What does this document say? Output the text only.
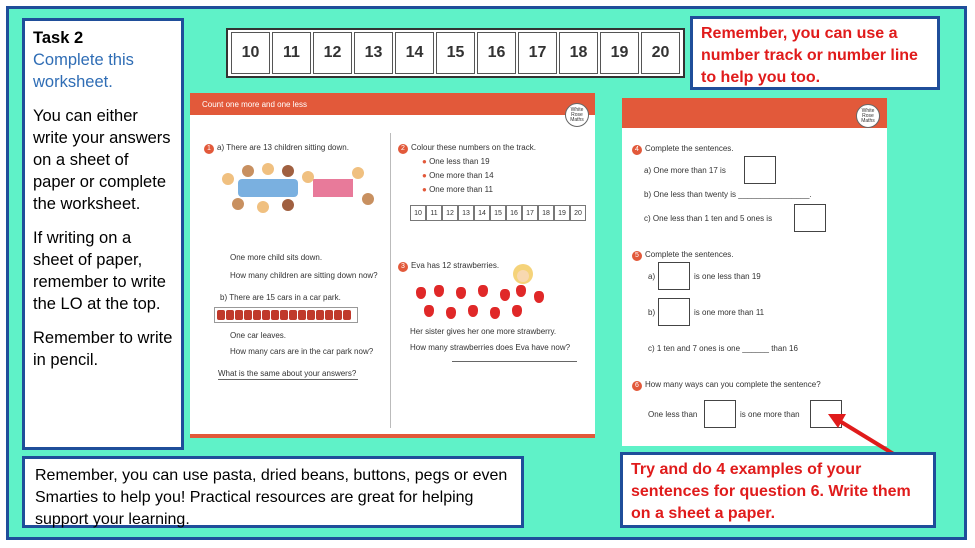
Task 2

Complete this worksheet.

You can either write your answers on a sheet of paper or complete the worksheet.

If writing on a sheet of paper, remember to write the LO at the top.

Remember to write in pencil.

10	11	12	13	14	15	16	17	18	19	20
Remember, you can use a number track or number line to help you too.
Count one more and one less
White Rose Maths
1 a) There are 13 children sitting down.
One more child sits down.
How many children are sitting down now?
b) There are 15 cars in a car park.
One car leaves.
How many cars are in the car park now?
What is the same about your answers?
2 Colour these numbers on the track.
● One less than 19
● One more than 14
● One more than 11
10	11	12	13	14	15	16	17	18	19	20
3 Eva has 12 strawberries.
Her sister gives her one more strawberry.
How many strawberries does Eva have now?
White Rose Maths
4 Complete the sentences.
a) One more than 17 is
b) One less than twenty is ________________.
c) One less than 1 ten and 5 ones is
5 Complete the sentences.
a)	is one less than 19
b)	is one more than 11
c) 1 ten and 7 ones is one ______ than 16
6 How many ways can you complete the sentence?
One less than	is one more than
Remember, you can use pasta, dried beans, buttons, pegs or even Smarties to help you! Practical resources are great for helping support your learning.
Try and do 4 examples of your sentences for question 6. Write them on a sheet a paper.
